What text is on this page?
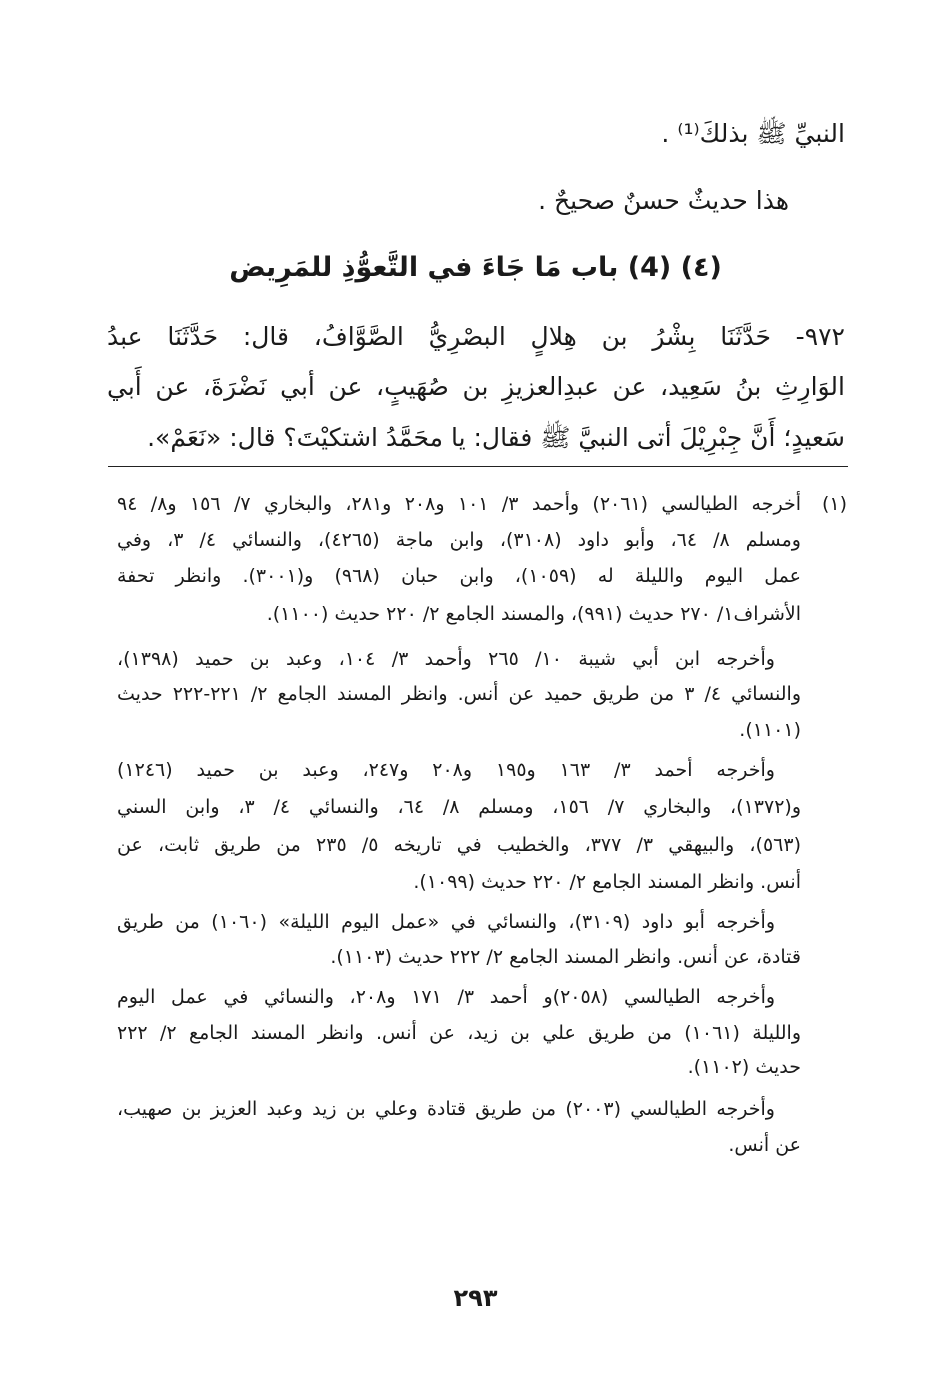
النبيِّ ﷺ بذلكَ⁽¹⁾ .
هذا حديثٌ حسنٌ صحيحٌ .
(٤) (4) باب مَا جَاءَ في التَّعوُّذِ للمَرِيض
٩٧٢- حَدَّثَنَا بِشْرُ بن هِلالٍ البصْرِيُّ الصَّوَّافُ، قال: حَدَّثَنَا عبدُ
الوَارِثِ بنُ سَعِيد، عن عبدِالعزيزِ بن صُهَيبٍ، عن أبي نَضْرَةَ، عن أَبي
سَعيدٍ؛ أَنَّ جِبْرِيْلَ أتى النبيَّ ﷺ فقال: يا محَمَّدُ اشتكيْتَ؟ قال: «نَعَمْ».
(١)
أخرجه الطيالسي (٢٠٦١) وأحمد ٣/ ١٠١ و٢٠٨ و٢٨١، والبخاري ٧/ ١٥٦ و٨/ ٩٤
ومسلم ٨/ ٦٤، وأبو داود (٣١٠٨)، وابن ماجة (٤٢٦٥)، والنسائي ٤/ ٣، وفي
عمل اليوم والليلة له (١٠٥٩)، وابن حبان (٩٦٨) و(٣٠٠١). وانظر تحفة
الأشراف١/ ٢٧٠ حديث (٩٩١)، والمسند الجامع ٢/ ٢٢٠ حديث (١١٠٠).
وأخرجه ابن أبي شيبة ١٠/ ٢٦٥ وأحمد ٣/ ١٠٤، وعبد بن حميد (١٣٩٨)،
والنسائي ٤/ ٣ من طريق حميد عن أنس. وانظر المسند الجامع ٢/ ٢٢١-٢٢٢ حديث
(١١٠١).
وأخرجه أحمد ٣/ ١٦٣ و١٩٥ و٢٠٨ و٢٤٧، وعبد بن حميد (١٢٤٦)
و(١٣٧٢)، والبخاري ٧/ ١٥٦، ومسلم ٨/ ٦٤، والنسائي ٤/ ٣، وابن السني
(٥٦٣)، والبيهقي ٣/ ٣٧٧، والخطيب في تاريخه ٥/ ٢٣٥ من طريق ثابت، عن
أنس. وانظر المسند الجامع ٢/ ٢٢٠ حديث (١٠٩٩).
وأخرجه أبو داود (٣١٠٩)، والنسائي في «عمل اليوم الليلة» (١٠٦٠) من طريق
قتادة، عن أنس. وانظر المسند الجامع ٢/ ٢٢٢ حديث (١١٠٣).
وأخرجه الطيالسي (٢٠٥٨)و أحمد ٣/ ١٧١ و٢٠٨، والنسائي في عمل اليوم
والليلة (١٠٦١) من طريق علي بن زيد، عن أنس. وانظر المسند الجامع ٢/ ٢٢٢
حديث (١١٠٢).
وأخرجه الطيالسي (٢٠٠٣) من طريق قتادة وعلي بن زيد وعبد العزيز بن صهيب،
عن أنس.
٢٩٣
